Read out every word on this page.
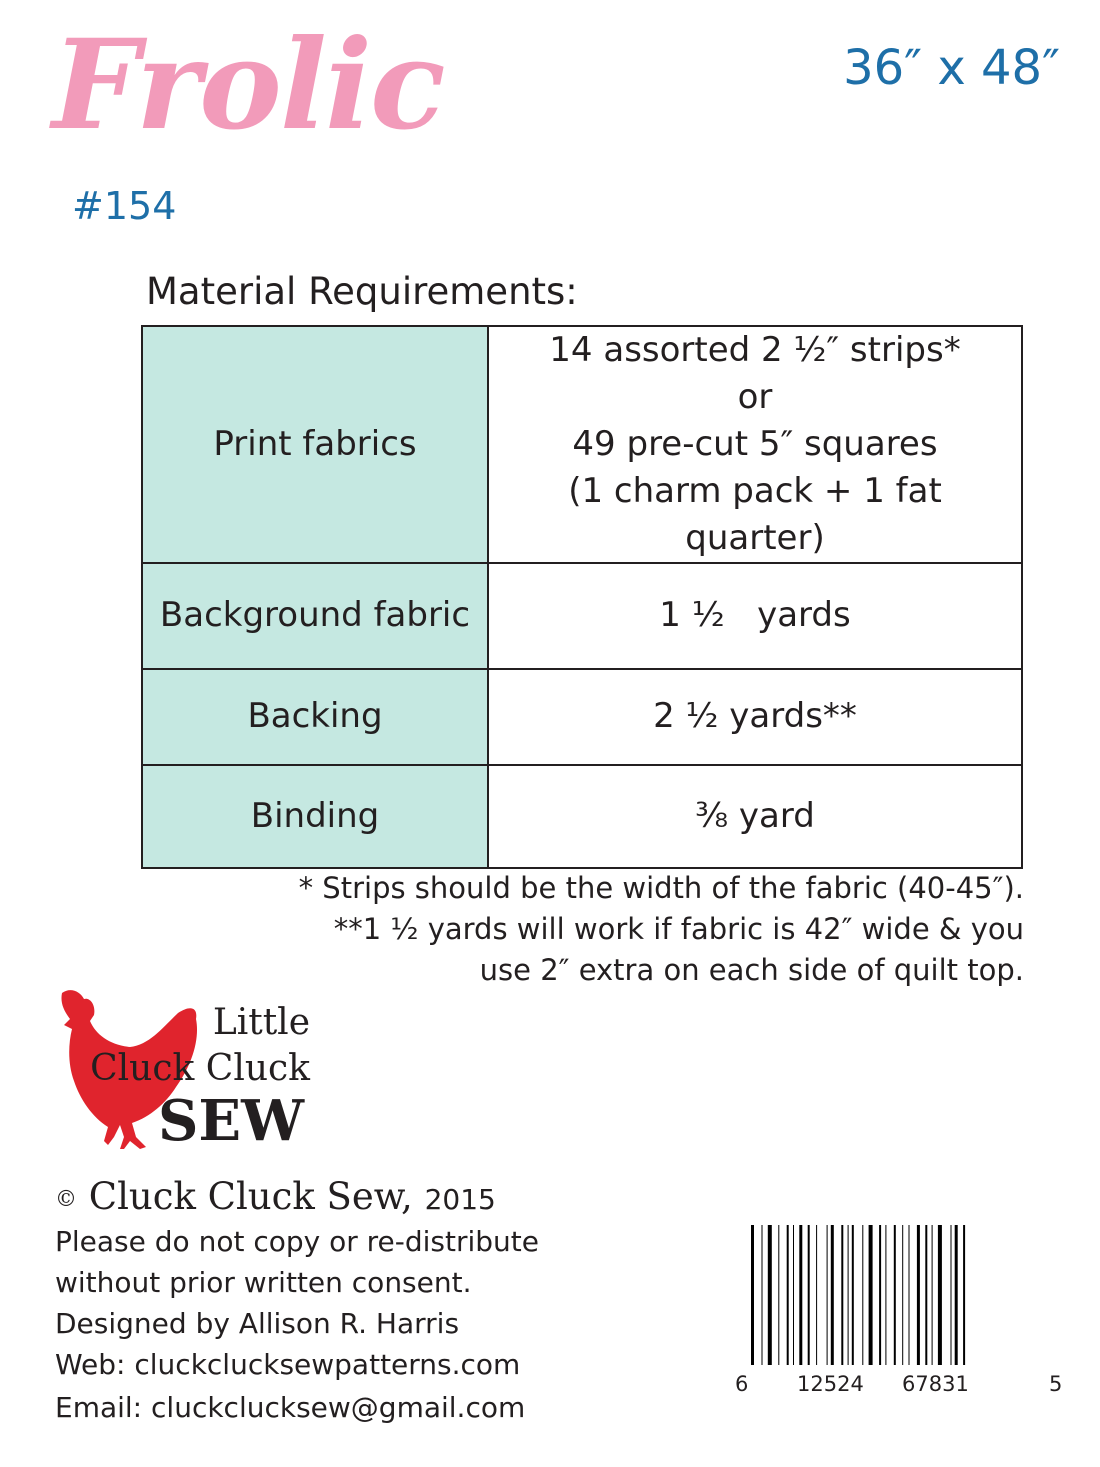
Frolic
#154
36″ x 48″
Material Requirements:
Print fabrics	14 assorted 2 ½″ strips*
or
49 pre-cut 5″ squares
(1 charm pack + 1 fat quarter)

Background fabric	1 ½   yards
Backing	2 ½ yards**
Binding	⅜ yard
* Strips should be the width of the fabric (40-45″).
**1 ½ yards will work if fabric is 42″ wide & you
use 2″ extra on each side of quilt top.
Little
Cluck Cluck
SEW
© Cluck Cluck Sew, 2015
Please do not copy or re-distribute
without prior written consent.
Designed by Allison R. Harris
Web: cluckclucksewpatterns.com
Email: cluckclucksew@gmail.com
6 12524 67831	5
